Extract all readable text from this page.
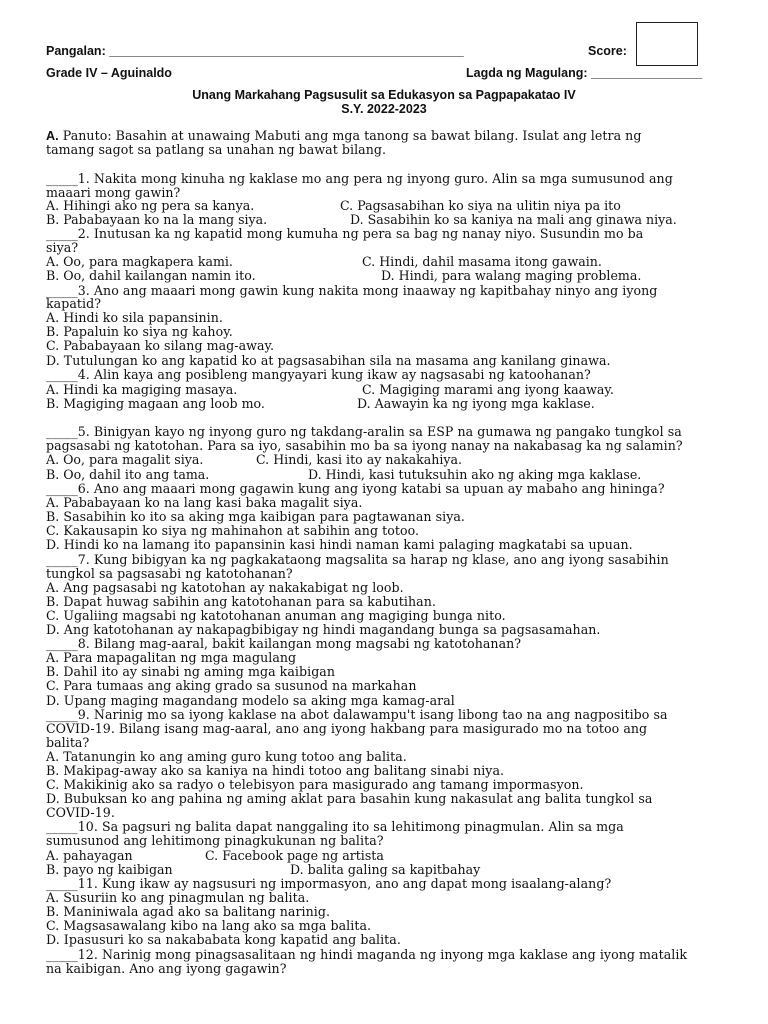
Pangalan: ___________________________________________________	Score:
Grade IV – Aguinaldo	Lagda ng Magulang: ________________
Unang Markahang Pagsusulit sa Edukasyon sa Pagpapakatao IV
S.Y. 2022-2023
A. Panuto: Basahin at unawaing Mabuti ang mga tanong sa bawat bilang. Isulat ang letra ng
tamang sagot sa patlang sa unahan ng bawat bilang.
_____1. Nakita mong kinuha ng kaklase mo ang pera ng inyong guro. Alin sa mga sumusunod ang
maaari mong gawin?
A. Hihingi ako ng pera sa kanya.	C. Pagsasabihan ko siya na ulitin niya pa ito
B. Pababayaan ko na la mang siya.	D. Sasabihin ko sa kaniya na mali ang ginawa niya.
_____2. Inutusan ka ng kapatid mong kumuha ng pera sa bag ng nanay niyo. Susundin mo ba
siya?
A. Oo, para magkapera kami.	C. Hindi, dahil masama itong gawain.
B. Oo, dahil kailangan namin ito.	D. Hindi, para walang maging problema.
_____3. Ano ang maaari mong gawin kung nakita mong inaaway ng kapitbahay ninyo ang iyong
kapatid?
A. Hindi ko sila papansinin.
B. Papaluin ko siya ng kahoy.
C. Pababayaan ko silang mag-away.
D. Tutulungan ko ang kapatid ko at pagsasabihan sila na masama ang kanilang ginawa.
_____4. Alin kaya ang posibleng mangyayari kung ikaw ay nagsasabi ng katoohanan?
A. Hindi ka magiging masaya.	C. Magiging marami ang iyong kaaway.
B. Magiging magaan ang loob mo.	D. Aawayin ka ng iyong mga kaklase.
_____5. Binigyan kayo ng inyong guro ng takdang-aralin sa ESP na gumawa ng pangako tungkol sa
pagsasabi ng katotohan. Para sa iyo, sasabihin mo ba sa iyong nanay na nakabasag ka ng salamin?
A. Oo, para magalit siya.	C. Hindi, kasi ito ay nakakahiya.
B. Oo, dahil ito ang tama.	D. Hindi, kasi tutuksuhin ako ng aking mga kaklase.
_____6. Ano ang maaari mong gagawin kung ang iyong katabi sa upuan ay mabaho ang hininga?
A. Pababayaan ko na lang kasi baka magalit siya.
B. Sasabihin ko ito sa aking mga kaibigan para pagtawanan siya.
C. Kakausapin ko siya ng mahinahon at sabihin ang totoo.
D. Hindi ko na lamang ito papansinin kasi hindi naman kami palaging magkatabi sa upuan.
_____7. Kung bibigyan ka ng pagkakataong magsalita sa harap ng klase, ano ang iyong sasabihin
tungkol sa pagsasabi ng katotohanan?
A. Ang pagsasabi ng katotohan ay nakakabigat ng loob.
B. Dapat huwag sabihin ang katotohanan para sa kabutihan.
C. Ugaliing magsabi ng katotohanan anuman ang magiging bunga nito.
D. Ang katotohanan ay nakapagbibigay ng hindi magandang bunga sa pagsasamahan.
_____8. Bilang mag-aaral, bakit kailangan mong magsabi ng katotohanan?
A. Para mapagalitan ng mga magulang
B. Dahil ito ay sinabi ng aming mga kaibigan
C. Para tumaas ang aking grado sa susunod na markahan
D. Upang maging magandang modelo sa aking mga kamag-aral
_____9. Narinig mo sa iyong kaklase na abot dalawampu't isang libong tao na ang nagpositibo sa
COVID-19. Bilang isang mag-aaral, ano ang iyong hakbang para masigurado mo na totoo ang
balita?
A. Tatanungin ko ang aming guro kung totoo ang balita.
B. Makipag-away ako sa kaniya na hindi totoo ang balitang sinabi niya.
C. Makikinig ako sa radyo o telebisyon para masigurado ang tamang impormasyon.
D. Bubuksan ko ang pahina ng aming aklat para basahin kung nakasulat ang balita tungkol sa
COVID-19.
_____10. Sa pagsuri ng balita dapat nanggaling ito sa lehitimong pinagmulan. Alin sa mga
sumusunod ang lehitimong pinagkukunan ng balita?
A. pahayagan	C. Facebook page ng artista
B. payo ng kaibigan	D. balita galing sa kapitbahay
_____11. Kung ikaw ay nagsusuri ng impormasyon, ano ang dapat mong isaalang-alang?
A. Susuriin ko ang pinagmulan ng balita.
B. Maniniwala agad ako sa balitang narinig.
C. Magsasawalang kibo na lang ako sa mga balita.
D. Ipasusuri ko sa nakababata kong kapatid ang balita.
_____12. Narinig mong pinagsasalitaan ng hindi maganda ng inyong mga kaklase ang iyong matalik
na kaibigan. Ano ang iyong gagawin?
